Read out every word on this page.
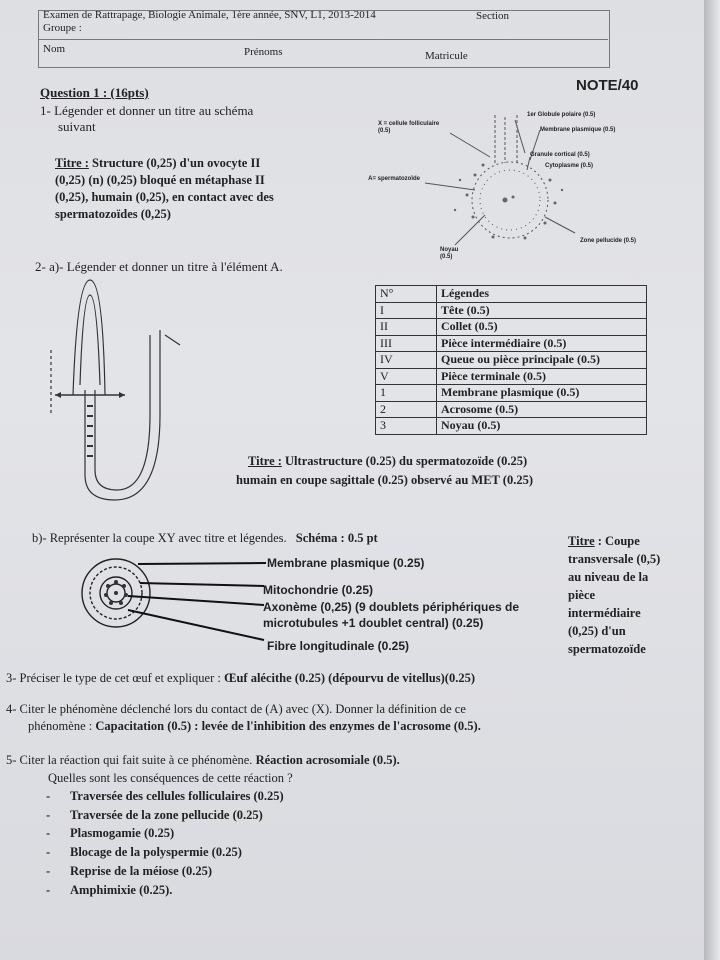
Examen de Rattrapage, Biologie Animale, 1ère année, SNV, L1, 2013-2014	Section
Groupe :
Nom	Prénoms	Matricule
NOTE/40
Question 1 : (16pts)
1- Légender et donner un titre au schéma
suivant
Titre : Structure (0,25) d'un ovocyte II
(0,25) (n) (0,25) bloqué en métaphase II
(0,25), humain (0,25), en contact avec des
spermatozoïdes (0,25)
X = cellule folliculaire (0.5)
1er Globule polaire (0.5)
Membrane plasmique (0.5)
Granule cortical (0.5)
Cytoplasme (0.5)
A= spermatozoïde
Noyau (0.5)
Zone pellucide (0.5)
2- a)- Légender et donner un titre à l'élément A.
N°	Légendes
I	Tête (0.5)
II	Collet (0.5)
III	Pièce intermédiaire (0.5)
IV	Queue ou pièce principale (0.5)
V	Pièce terminale (0.5)
1	Membrane plasmique (0.5)
2	Acrosome (0.5)
3	Noyau (0.5)
Titre : Ultrastructure (0.25) du spermatozoïde (0.25)
humain en coupe sagittale (0.25) observé au MET (0.25)
b)- Représenter la coupe XY avec titre et légendes. Schéma : 0.5 pt
Membrane plasmique (0.25)
Mitochondrie (0.25)
Axonème (0,25) (9 doublets périphériques de
microtubules +1 doublet central) (0.25)
Fibre longitudinale (0.25)
Titre : Coupe
transversale (0,5)
au niveau de la
pièce
intermédiaire
(0,25) d'un
spermatozoïde
3- Préciser le type de cet œuf et expliquer : Œuf alécithe (0.25) (dépourvu de vitellus)(0.25)
4- Citer le phénomène déclenché lors du contact de (A) avec (X). Donner la définition de ce
phénomène : Capacitation (0.5) : levée de l'inhibition des enzymes de l'acrosome (0.5).
5- Citer la réaction qui fait suite à ce phénomène. Réaction acrosomiale (0.5).
Quelles sont les conséquences de cette réaction ?
- Traversée des cellules folliculaires (0.25)
- Traversée de la zone pellucide (0.25)
- Plasmogamie (0.25)
- Blocage de la polyspermie (0.25)
- Reprise de la méiose (0.25)
- Amphimixie (0.25).
